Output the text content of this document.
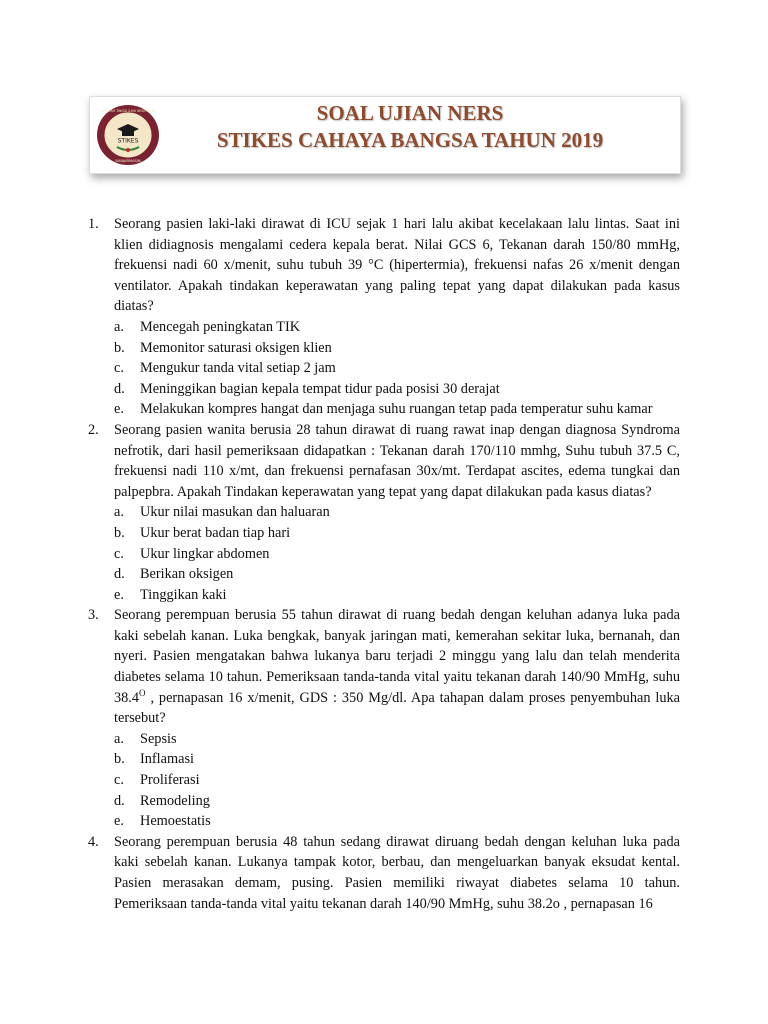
STIKES
SEKOLAH TINGGI ILMU KESEHATAN
BANJARMASIN
SOAL UJIAN NERS
STIKES CAHAYA BANGSA TAHUN 2019
1. Seorang pasien laki-laki dirawat di ICU sejak 1 hari lalu akibat kecelakaan lalu lintas. Saat ini klien didiagnosis mengalami cedera kepala berat. Nilai GCS 6, Tekanan darah 150/80 mmHg, frekuensi nadi 60 x/menit, suhu tubuh 39 °C (hipertermia), frekuensi nafas 26 x/menit dengan ventilator. Apakah tindakan keperawatan yang paling tepat yang dapat dilakukan pada kasus diatas?
a. Mencegah peningkatan TIK
b. Memonitor saturasi oksigen klien
c. Mengukur tanda vital setiap 2 jam
d. Meninggikan bagian kepala tempat tidur pada posisi 30 derajat
e. Melakukan kompres hangat dan menjaga suhu ruangan tetap pada temperatur suhu kamar
2. Seorang pasien wanita berusia 28 tahun dirawat di ruang rawat inap dengan diagnosa Syndroma nefrotik, dari hasil pemeriksaan didapatkan : Tekanan darah 170/110 mmhg, Suhu tubuh 37.5 C, frekuensi nadi 110 x/mt, dan frekuensi pernafasan 30x/mt. Terdapat ascites, edema tungkai dan palpepbra. Apakah Tindakan keperawatan yang tepat yang dapat dilakukan pada kasus diatas?
a. Ukur nilai masukan dan haluaran
b. Ukur berat badan tiap hari
c. Ukur lingkar abdomen
d. Berikan oksigen
e. Tinggikan kaki
3. Seorang perempuan berusia 55 tahun dirawat di ruang bedah dengan keluhan adanya luka pada kaki sebelah kanan. Luka bengkak, banyak jaringan mati, kemerahan sekitar luka, bernanah, dan nyeri. Pasien mengatakan bahwa lukanya baru terjadi 2 minggu yang lalu dan telah menderita diabetes selama 10 tahun. Pemeriksaan tanda-tanda vital yaitu tekanan darah 140/90 MmHg, suhu $38.4^O$ , pernapasan 16 x/menit, GDS : 350 Mg/dl. Apa tahapan dalam proses penyembuhan luka tersebut?
a. Sepsis
b. Inflamasi
c. Proliferasi
d. Remodeling
e. Hemoestatis
4. Seorang perempuan berusia 48 tahun sedang dirawat diruang bedah dengan keluhan luka pada kaki sebelah kanan. Lukanya tampak kotor, berbau, dan mengeluarkan banyak eksudat kental. Pasien merasakan demam, pusing. Pasien memiliki riwayat diabetes selama 10 tahun. Pemeriksaan tanda-tanda vital yaitu tekanan darah 140/90 MmHg, suhu 38.2o , pernapasan 16
